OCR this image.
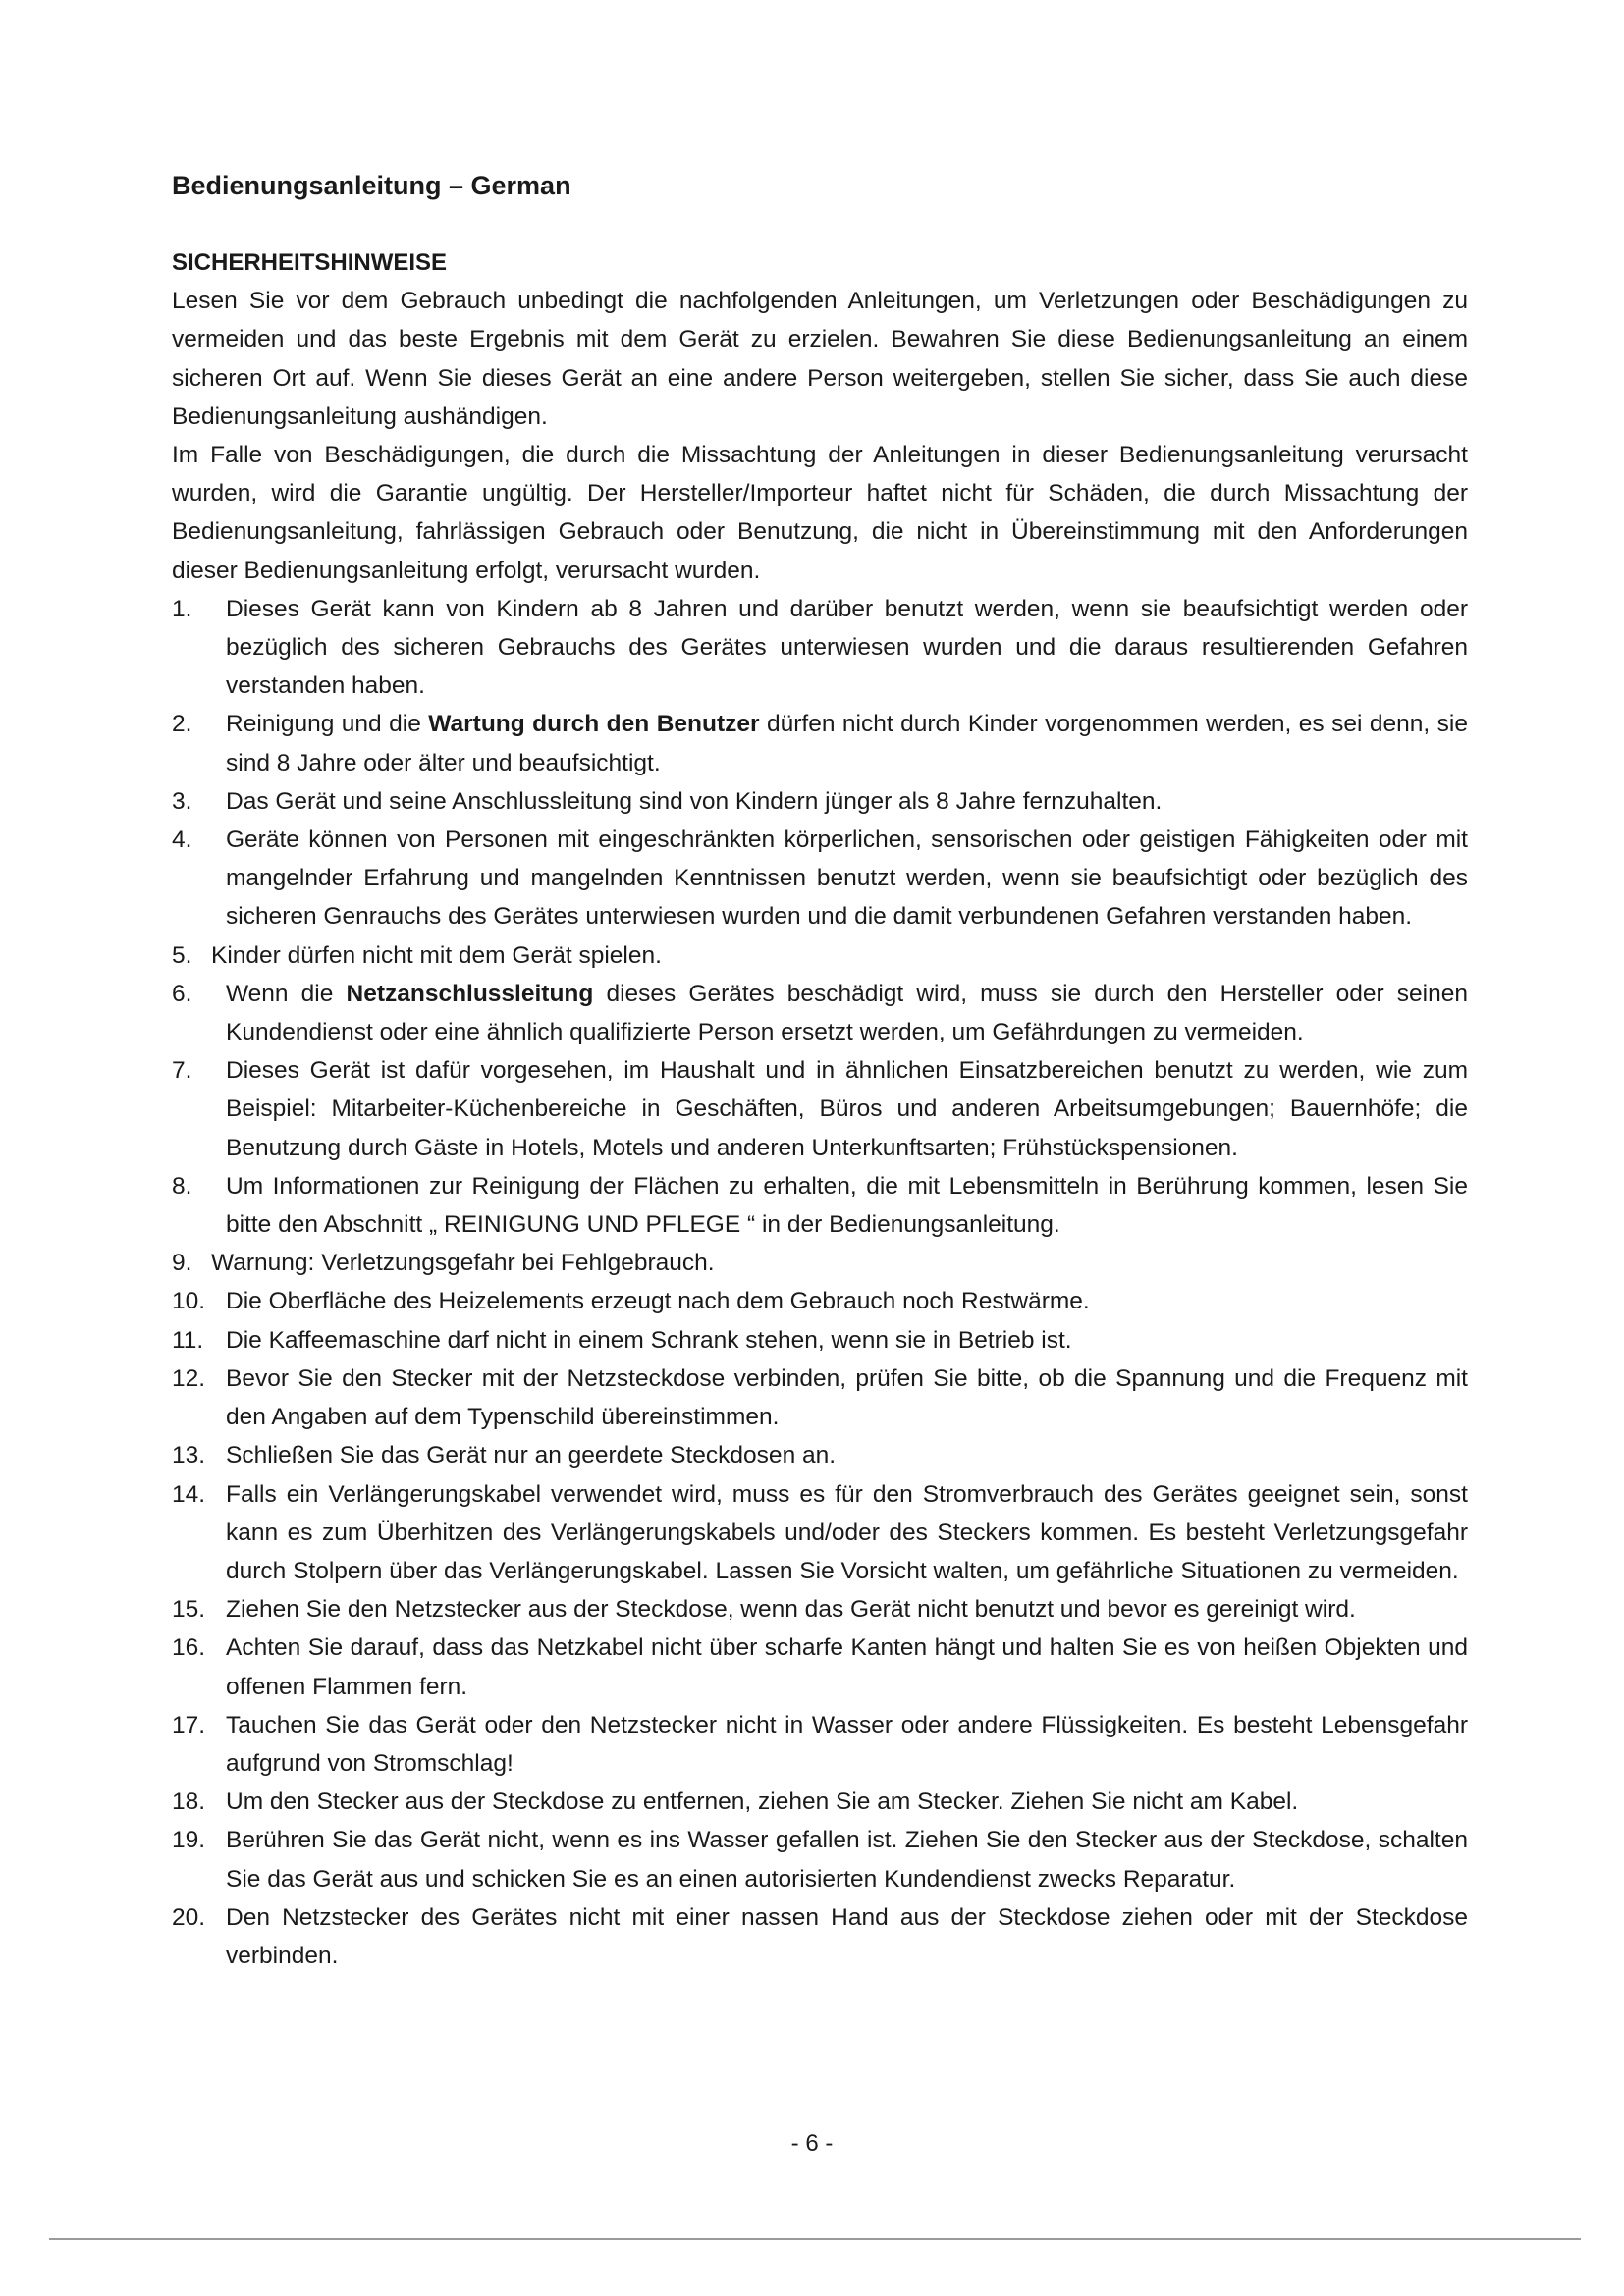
Bedienungsanleitung – German
SICHERHEITSHINWEISE

Lesen Sie vor dem Gebrauch unbedingt die nachfolgenden Anleitungen, um Verletzungen oder Beschädigungen zu vermeiden und das beste Ergebnis mit dem Gerät zu erzielen. Bewahren Sie diese Bedienungsanleitung an einem sicheren Ort auf. Wenn Sie dieses Gerät an eine andere Person weitergeben, stellen Sie sicher, dass Sie auch diese Bedienungsanleitung aushändigen.

Im Falle von Beschädigungen, die durch die Missachtung der Anleitungen in dieser Bedienungsanleitung verursacht wurden, wird die Garantie ungültig. Der Hersteller/Importeur haftet nicht für Schäden, die durch Missachtung der Bedienungsanleitung, fahrlässigen Gebrauch oder Benutzung, die nicht in Übereinstimmung mit den Anforderungen dieser Bedienungsanleitung erfolgt, verursacht wurden.

1. Dieses Gerät kann von Kindern ab 8 Jahren und darüber benutzt werden, wenn sie beaufsichtigt werden oder bezüglich des sicheren Gebrauchs des Gerätes unterwiesen wurden und die daraus resultierenden Gefahren verstanden haben.
2. Reinigung und die Wartung durch den Benutzer dürfen nicht durch Kinder vorgenommen werden, es sei denn, sie sind 8 Jahre oder älter und beaufsichtigt.
3. Das Gerät und seine Anschlussleitung sind von Kindern jünger als 8 Jahre fernzuhalten.
4. Geräte können von Personen mit eingeschränkten körperlichen, sensorischen oder geistigen Fähigkeiten oder mit mangelnder Erfahrung und mangelnden Kenntnissen benutzt werden, wenn sie beaufsichtigt oder bezüglich des sicheren Genrauchs des Gerätes unterwiesen wurden und die damit verbundenen Gefahren verstanden haben.
5. Kinder dürfen nicht mit dem Gerät spielen.
6. Wenn die Netzanschlussleitung dieses Gerätes beschädigt wird, muss sie durch den Hersteller oder seinen Kundendienst oder eine ähnlich qualifizierte Person ersetzt werden, um Gefährdungen zu vermeiden.
7. Dieses Gerät ist dafür vorgesehen, im Haushalt und in ähnlichen Einsatzbereichen benutzt zu werden, wie zum Beispiel: Mitarbeiter-Küchenbereiche in Geschäften, Büros und anderen Arbeitsumgebungen; Bauernhöfe; die Benutzung durch Gäste in Hotels, Motels und anderen Unterkunftsarten; Frühstückspensionen.
8. Um Informationen zur Reinigung der Flächen zu erhalten, die mit Lebensmitteln in Berührung kommen, lesen Sie bitte den Abschnitt „ REINIGUNG UND PFLEGE “ in der Bedienungsanleitung.
9. Warnung: Verletzungsgefahr bei Fehlgebrauch.
10. Die Oberfläche des Heizelements erzeugt nach dem Gebrauch noch Restwärme.
11. Die Kaffeemaschine darf nicht in einem Schrank stehen, wenn sie in Betrieb ist.
12. Bevor Sie den Stecker mit der Netzsteckdose verbinden, prüfen Sie bitte, ob die Spannung und die Frequenz mit den Angaben auf dem Typenschild übereinstimmen.
13. Schließen Sie das Gerät nur an geerdete Steckdosen an.
14. Falls ein Verlängerungskabel verwendet wird, muss es für den Stromverbrauch des Gerätes geeignet sein, sonst kann es zum Überhitzen des Verlängerungskabels und/oder des Steckers kommen. Es besteht Verletzungsgefahr durch Stolpern über das Verlängerungskabel. Lassen Sie Vorsicht walten, um gefährliche Situationen zu vermeiden.
15. Ziehen Sie den Netzstecker aus der Steckdose, wenn das Gerät nicht benutzt und bevor es gereinigt wird.
16. Achten Sie darauf, dass das Netzkabel nicht über scharfe Kanten hängt und halten Sie es von heißen Objekten und offenen Flammen fern.
17. Tauchen Sie das Gerät oder den Netzstecker nicht in Wasser oder andere Flüssigkeiten. Es besteht Lebensgefahr aufgrund von Stromschlag!
18. Um den Stecker aus der Steckdose zu entfernen, ziehen Sie am Stecker. Ziehen Sie nicht am Kabel.
19. Berühren Sie das Gerät nicht, wenn es ins Wasser gefallen ist. Ziehen Sie den Stecker aus der Steckdose, schalten Sie das Gerät aus und schicken Sie es an einen autorisierten Kundendienst zwecks Reparatur.
20. Den Netzstecker des Gerätes nicht mit einer nassen Hand aus der Steckdose ziehen oder mit der Steckdose verbinden.
- 6 -
